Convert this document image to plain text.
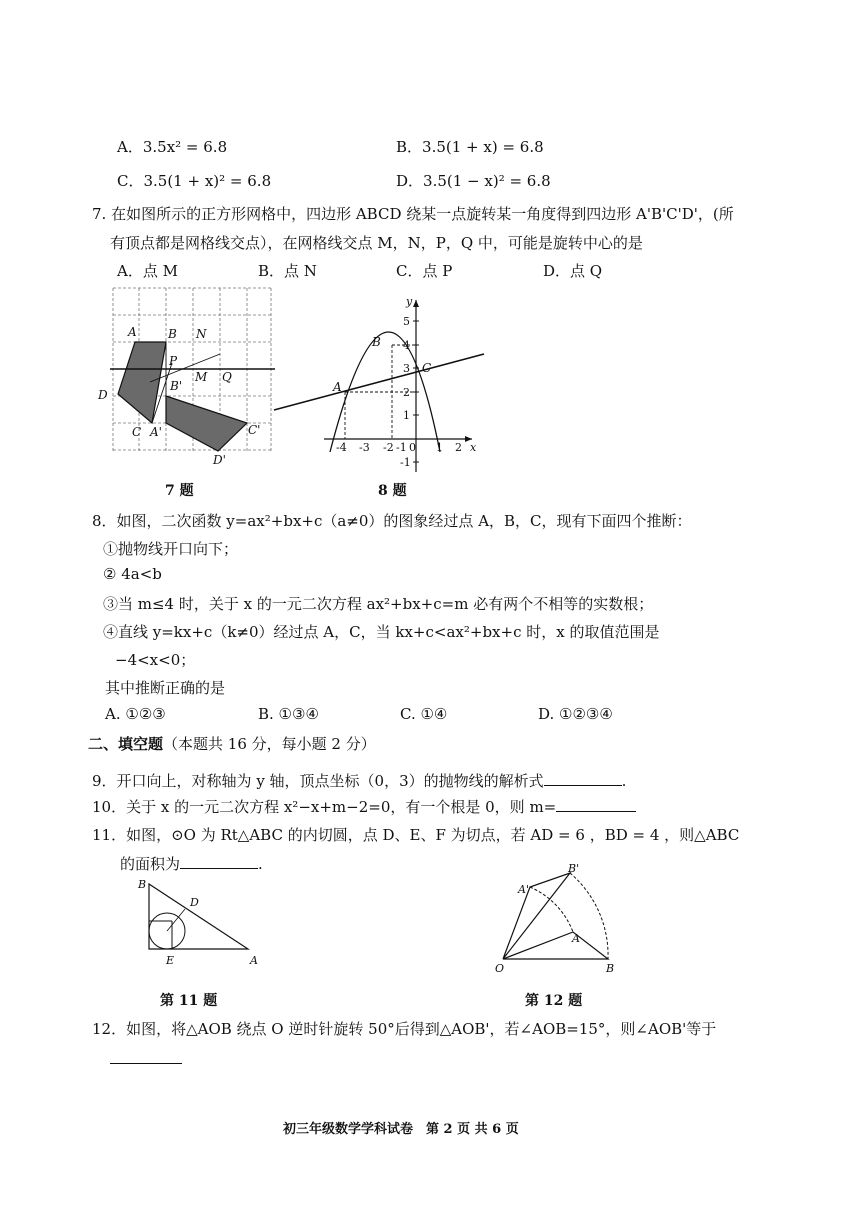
A．3.5x² = 6.8	B．3.5(1 + x) = 6.8
C．3.5(1 + x)² = 6.8	D．3.5(1 − x)² = 6.8
7. 在如图所示的正方形网格中，四边形 ABCD 绕某一点旋转某一角度得到四边形 A'B'C'D'，(所
有顶点都是网格线交点），在网格线交点 M，N，P，Q 中，可能是旋转中心的是
A．点 M	B．点 N	C．点 P	D．点 Q
A	B N
P
M Q
D
B'
C A'	C'
D'
7 题
5
4
3
2
1
-1
-4 -3 -2 -1 0 1 2
y
x
A
B
C
8 题
8．如图，二次函数 y=ax²+bx+c（a≠0）的图象经过点 A，B，C，现有下面四个推断：
①抛物线开口向下；
② 4a<b
③当 m≤4 时，关于 x 的一元二次方程 ax²+bx+c=m 必有两个不相等的实数根；
④直线 y=kx+c（k≠0）经过点 A，C，当 kx+c<ax²+bx+c 时，x 的取值范围是
−4<x<0；
其中推断正确的是
A. ①②③	B. ①③④	C. ①④	D. ①②③④
二、填空题（本题共 16 分，每小题 2 分）
9．开口向上，对称轴为 y 轴，顶点坐标（0，3）的抛物线的解析式	.
10．关于 x 的一元二次方程 x²−x+m−2=0，有一个根是 0，则 m=
11．如图，⊙O 为 Rt△ABC 的内切圆，点 D、E、F 为切点，若 AD = 6 ，BD = 4 ，则△ABC
的面积为	.
B
D
E	A
第 11 题
A'
B'
A
O	B
第 12 题
12．如图，将△AOB 绕点 O 逆时针旋转 50°后得到△AOB'，若∠AOB=15°，则∠AOB'等于
初三年级数学学科试卷　第 2 页 共 6 页
